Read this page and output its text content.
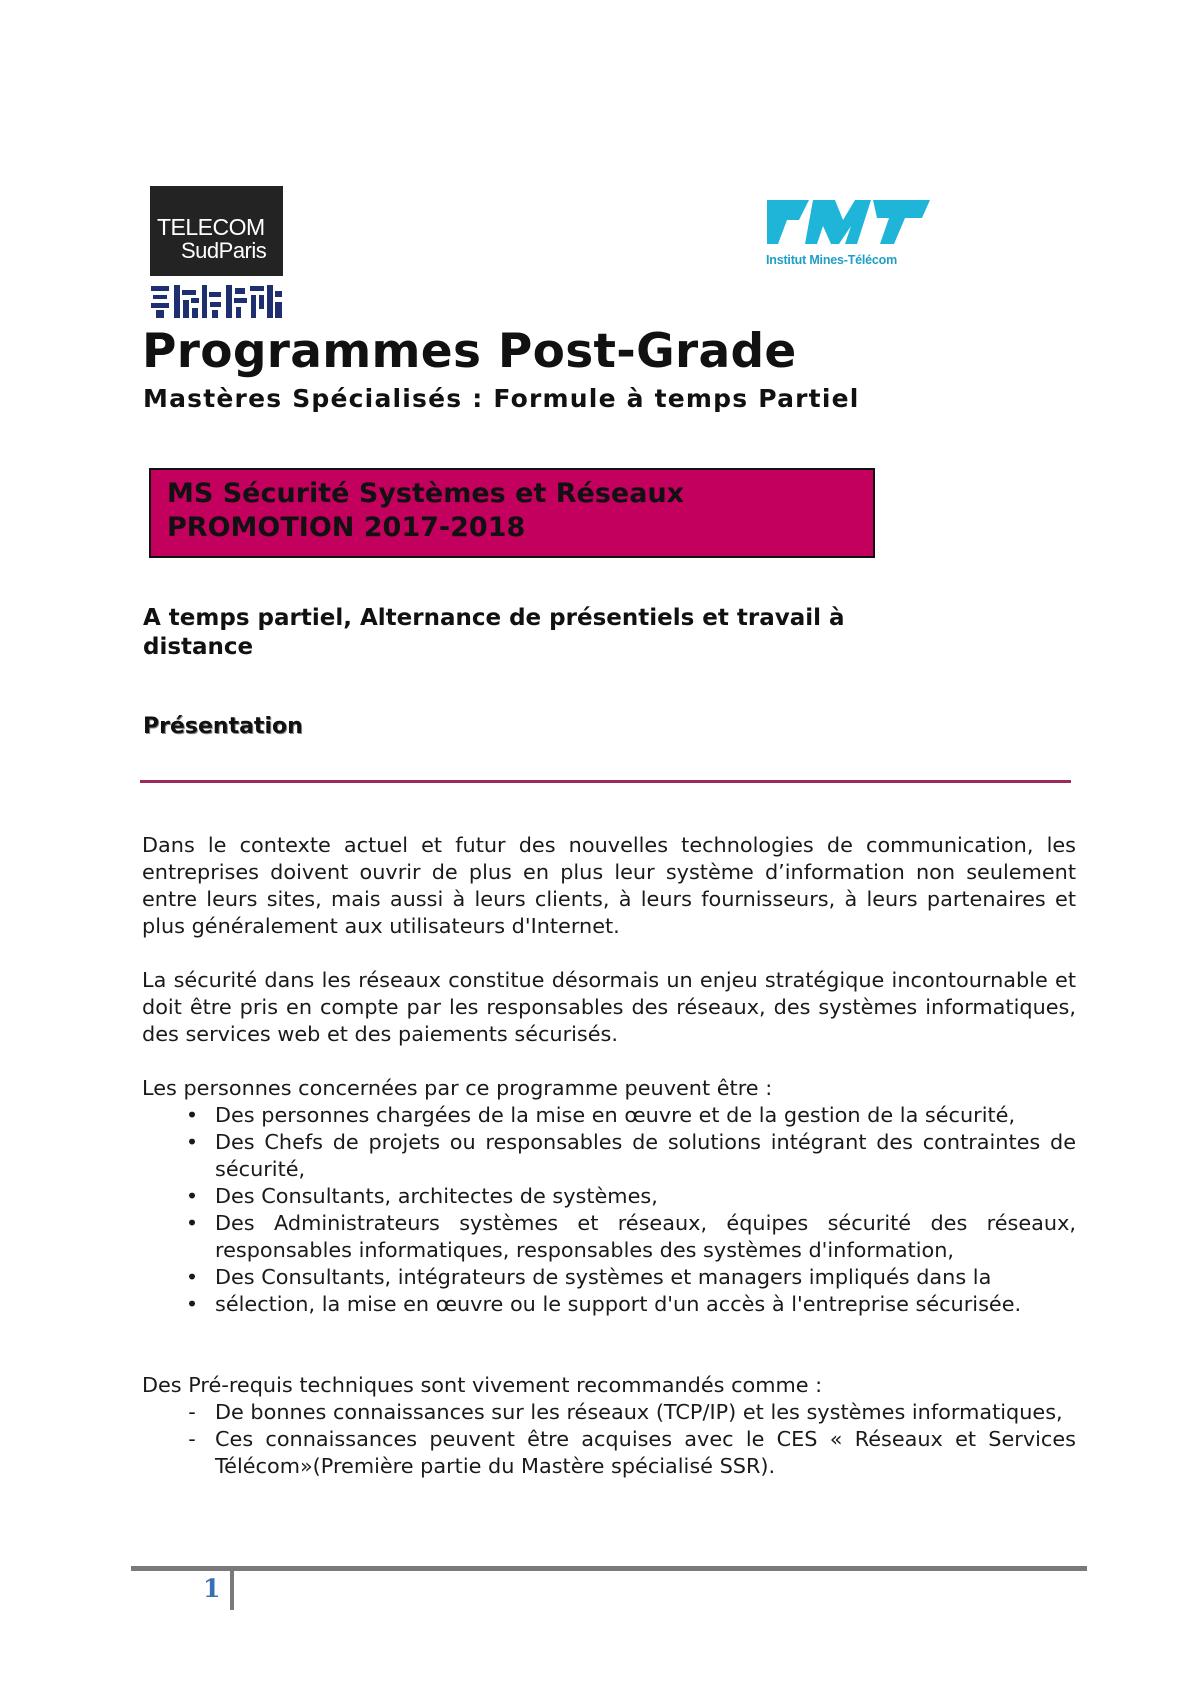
TELECOM
SudParis	Institut Mines-Télécom
Programmes Post-Grade
Mastères Spécialisés : Formule à temps Partiel
MS Sécurité Systèmes et Réseaux
PROMOTION 2017-2018
A temps partiel, Alternance de présentiels et travail à distance
Présentation

Dans le contexte actuel et futur des nouvelles technologies de communication, les entreprises doivent ouvrir de plus en plus leur système d’information non seulement entre leurs sites, mais aussi à leurs clients, à leurs fournisseurs, à leurs partenaires et plus généralement aux utilisateurs d'Internet.

La sécurité dans les réseaux constitue désormais un enjeu stratégique incontournable et doit être pris en compte par les responsables des réseaux, des systèmes informatiques, des services web et des paiements sécurisés.

Les personnes concernées par ce programme peuvent être :

• Des personnes chargées de la mise en œuvre et de la gestion de la sécurité,
• Des Chefs de projets ou responsables de solutions intégrant des contraintes de sécurité,
• Des Consultants, architectes de systèmes,
• Des Administrateurs systèmes et réseaux, équipes sécurité des réseaux, responsables informatiques, responsables des systèmes d'information,
• Des Consultants, intégrateurs de systèmes et managers impliqués dans la
• sélection, la mise en œuvre ou le support d'un accès à l'entreprise sécurisée.

Des Pré-requis techniques sont vivement recommandés comme :

- De bonnes connaissances sur les réseaux (TCP/IP) et les systèmes informatiques,
- Ces connaissances peuvent être acquises avec le CES « Réseaux et Services Télécom»(Première partie du Mastère spécialisé SSR).
1
